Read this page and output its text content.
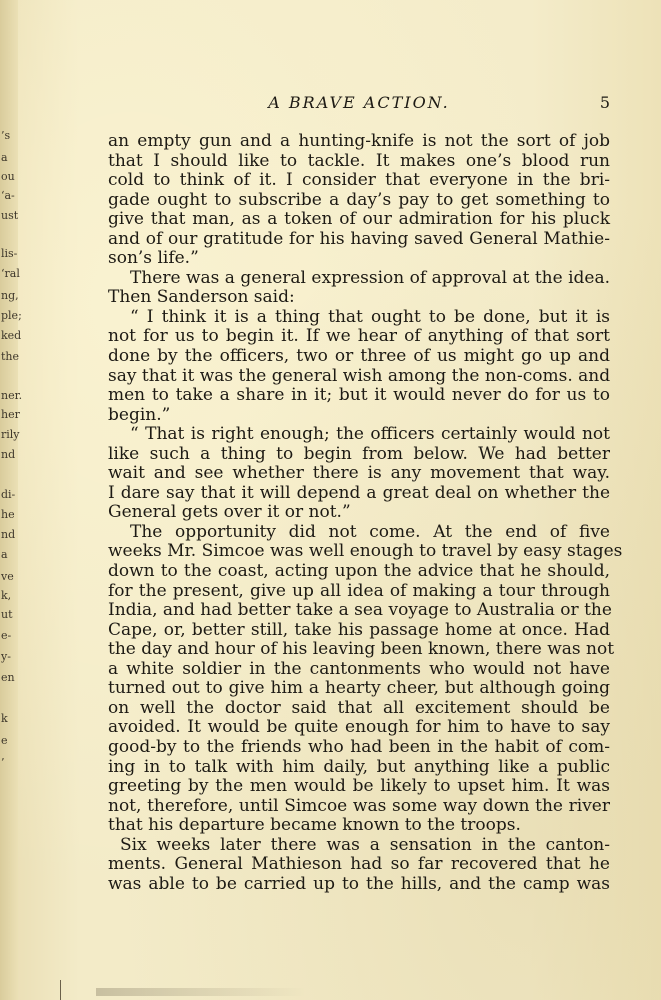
’s
a
ou
‘a-
ust
lis-
‘ral
ng,
ple;
ked
the
ner.
her
rily
nd
di-
he
nd
a
ve
k,
ut
e-
y-
en
k
e
’
A BRAVE ACTION.	5
an empty gun and a hunting-knife is not the sort of job
that I should like to tackle. It makes one’s blood run
cold to think of it. I consider that everyone in the bri-
gade ought to subscribe a day’s pay to get something to
give that man, as a token of our admiration for his pluck
and of our gratitude for his having saved General Mathie-
son’s life.”
There was a general expression of approval at the idea.
Then Sanderson said:
“ I think it is a thing that ought to be done, but it is
not for us to begin it. If we hear of anything of that sort
done by the officers, two or three of us might go up and
say that it was the general wish among the non-coms. and
men to take a share in it; but it would never do for us to
begin.”
“ That is right enough; the officers certainly would not
like such a thing to begin from below. We had better
wait and see whether there is any movement that way.
I dare say that it will depend a great deal on whether the
General gets over it or not.”
The opportunity did not come. At the end of five
weeks Mr. Simcoe was well enough to travel by easy stages
down to the coast, acting upon the advice that he should,
for the present, give up all idea of making a tour through
India, and had better take a sea voyage to Australia or the
Cape, or, better still, take his passage home at once. Had
the day and hour of his leaving been known, there was not
a white soldier in the cantonments who would not have
turned out to give him a hearty cheer, but although going
on well the doctor said that all excitement should be
avoided. It would be quite enough for him to have to say
good-by to the friends who had been in the habit of com-
ing in to talk with him daily, but anything like a public
greeting by the men would be likely to upset him. It was
not, therefore, until Simcoe was some way down the river
that his departure became known to the troops.
Six weeks later there was a sensation in the canton-
ments. General Mathieson had so far recovered that he
was able to be carried up to the hills, and the camp was
